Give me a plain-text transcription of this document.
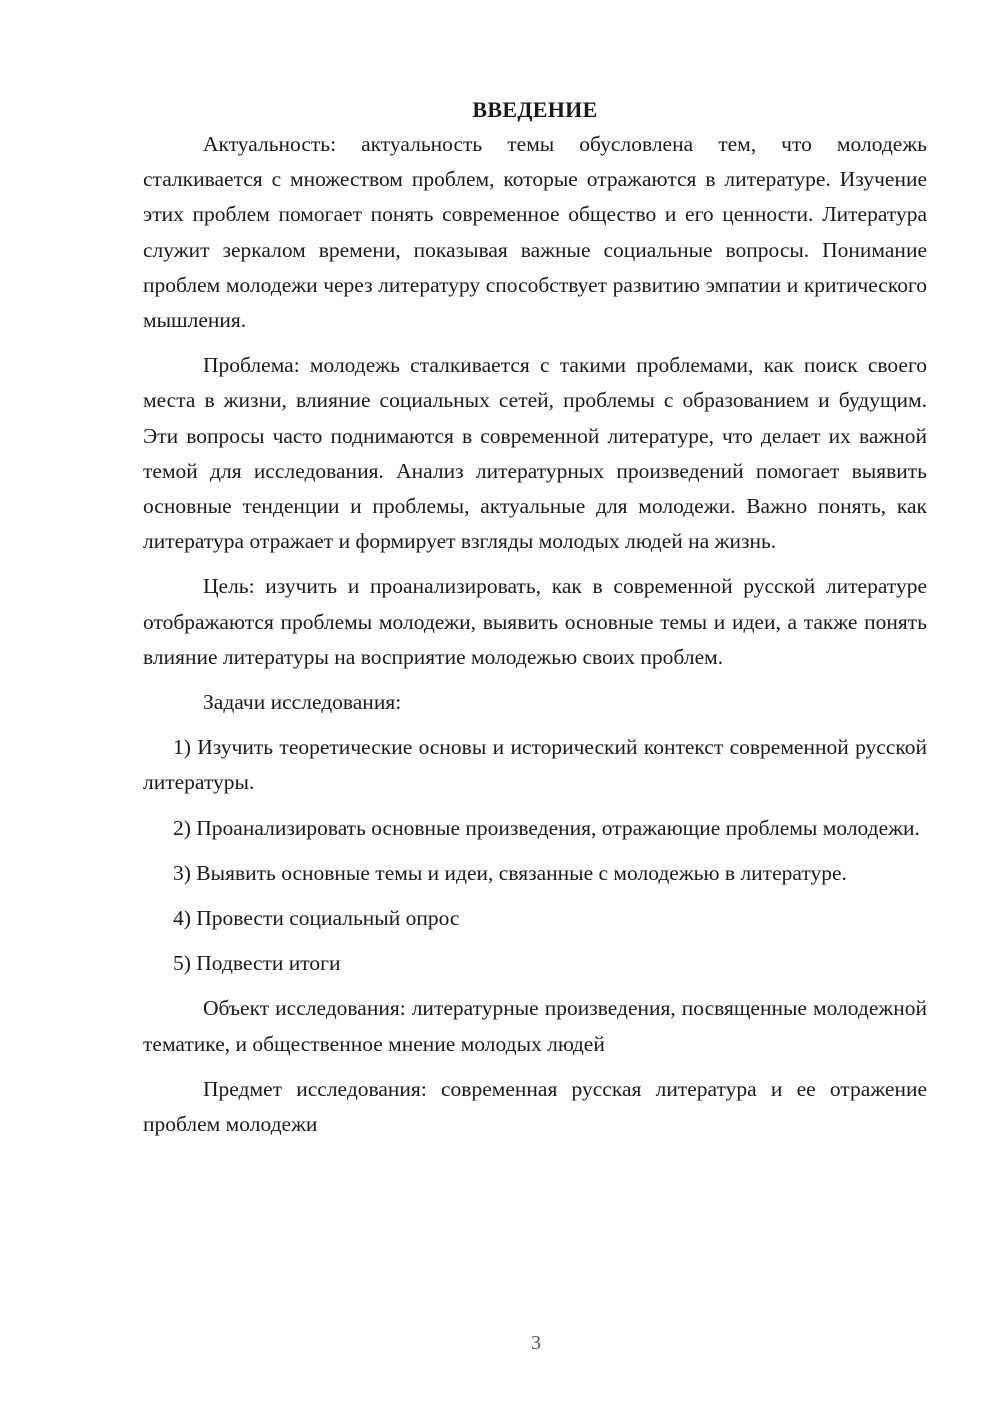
ВВЕДЕНИЕ

Актуальность: актуальность темы обусловлена тем, что молодежь сталкивается с множеством проблем, которые отражаются в литературе. Изучение этих проблем помогает понять современное общество и его ценности. Литература служит зеркалом времени, показывая важные социальные вопросы. Понимание проблем молодежи через литературу способствует развитию эмпатии и критического мышления.

Проблема: молодежь сталкивается с такими проблемами, как поиск своего места в жизни, влияние социальных сетей, проблемы с образованием и будущим. Эти вопросы часто поднимаются в современной литературе, что делает их важной темой для исследования. Анализ литературных произведений помогает выявить основные тенденции и проблемы, актуальные для молодежи. Важно понять, как литература отражает и формирует взгляды молодых людей на жизнь.

Цель: изучить и проанализировать, как в современной русской литературе отображаются проблемы молодежи, выявить основные темы и идеи, а также понять влияние литературы на восприятие молодежью своих проблем.

Задачи исследования:

1) Изучить теоретические основы и исторический контекст современной русской литературы.

2) Проанализировать основные произведения, отражающие проблемы молодежи.

3) Выявить основные темы и идеи, связанные с молодежью в литературе.

4) Провести социальный опрос

5) Подвести итоги

Объект исследования: литературные произведения, посвященные молодежной тематике, и общественное мнение молодых людей

Предмет исследования: современная русская литература и ее отражение проблем молодежи

3
